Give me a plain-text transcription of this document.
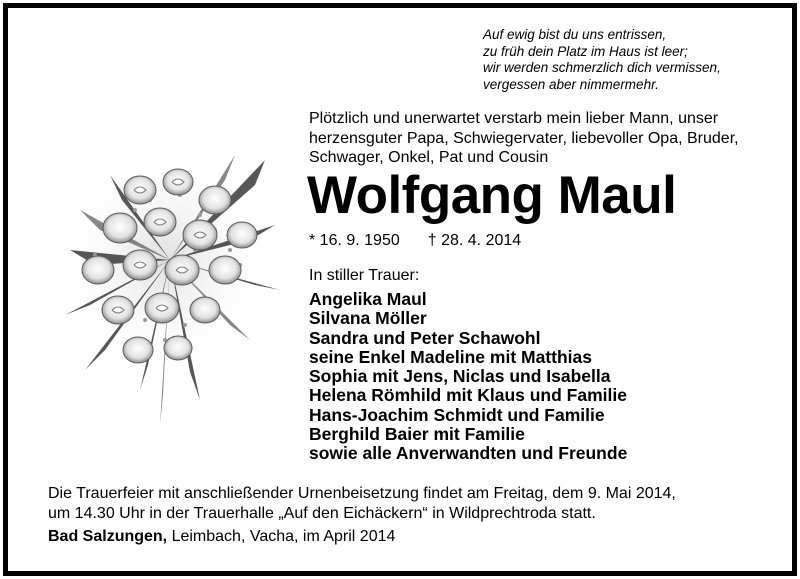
Auf ewig bist du uns entrissen,
zu früh dein Platz im Haus ist leer;
wir werden schmerzlich dich vermissen,
vergessen aber nimmermehr.
Plötzlich und unerwartet verstarb mein lieber Mann, unser
herzensguter Papa, Schwiegervater, liebevoller Opa, Bruder,
Schwager, Onkel, Pat und Cousin
Wolfgang Maul
* 16. 9. 1950 † 28. 4. 2014
In stiller Trauer:
Angelika Maul
Silvana Möller
Sandra und Peter Schawohl
seine Enkel Madeline mit Matthias
Sophia mit Jens, Niclas und Isabella
Helena Römhild mit Klaus und Familie
Hans-Joachim Schmidt und Familie
Berghild Baier mit Familie
sowie alle Anverwandten und Freunde
Die Trauerfeier mit anschließender Urnenbeisetzung findet am Freitag, dem 9. Mai 2014,
um 14.30 Uhr in der Trauerhalle „Auf den Eichäckern“ in Wildprechtroda statt.
Bad Salzungen, Leimbach, Vacha, im April 2014
